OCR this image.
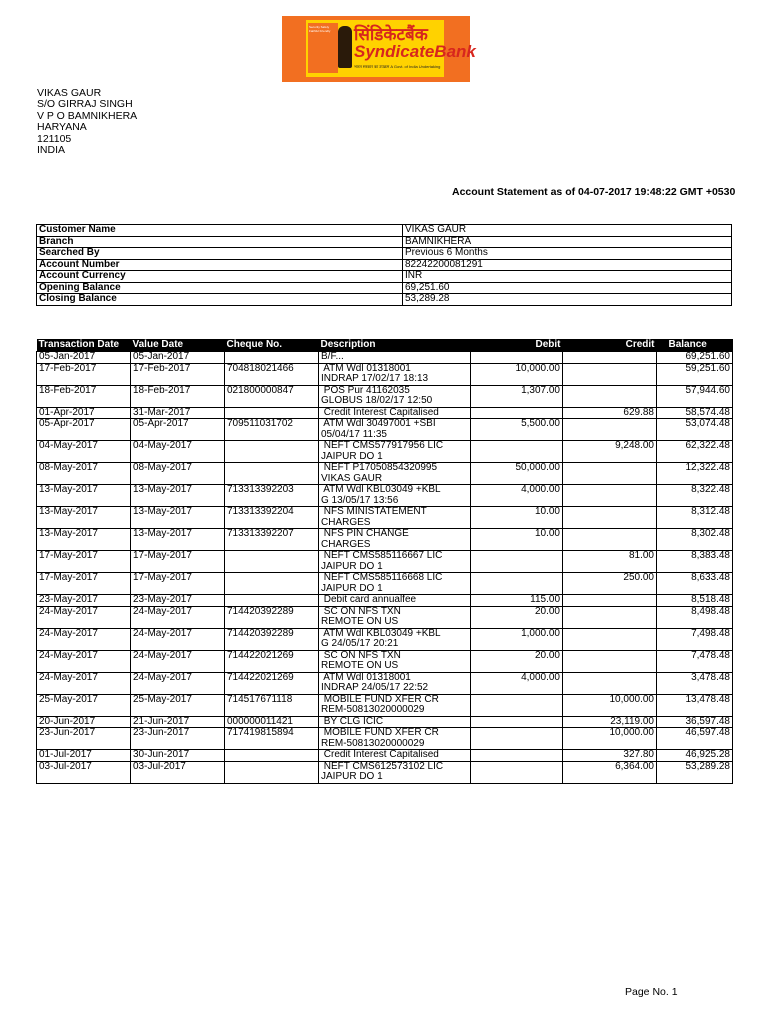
Security Safety Faithful Friendly	सिंडिकेटबैंक
SyndicateBank
भारत सरकार का उपक्रम A Govt. of India Undertaking
VIKAS GAUR
S/O GIRRAJ SINGH
V P O BAMNIKHERA
HARYANA
121105
INDIA
Account Statement as of 04-07-2017 19:48:22 GMT +0530
Customer Name	VIKAS GAUR
Branch	BAMNIKHERA
Searched By	Previous 6 Months
Account Number	82242200081291
Account Currency	INR
Opening Balance	69,251.60
Closing Balance	53,289.28
Transaction Date	Value Date	Cheque No.	Description	Debit	Credit	Balance
05-Jan-2017	05-Jan-2017		B/F...			69,251.60
17-Feb-2017	17-Feb-2017	704818021466	ATM Wdl 01318001
INDRAP 17/02/17 18:13	10,000.00		59,251.60
18-Feb-2017	18-Feb-2017	021800000847	POS Pur 41162035
GLOBUS 18/02/17 12:50	1,307.00		57,944.60
01-Apr-2017	31-Mar-2017		Credit Interest Capitalised		629.88	58,574.48
05-Apr-2017	05-Apr-2017	709511031702	ATM Wdl 30497001 +SBI
05/04/17 11:35	5,500.00		53,074.48
04-May-2017	04-May-2017		NEFT CMS577917956 LIC
JAIPUR DO 1		9,248.00	62,322.48
08-May-2017	08-May-2017		NEFT P17050854320995
VIKAS GAUR	50,000.00		12,322.48
13-May-2017	13-May-2017	713313392203	ATM Wdl KBL03049 +KBL
G 13/05/17 13:56	4,000.00		8,322.48
13-May-2017	13-May-2017	713313392204	NFS MINISTATEMENT
CHARGES	10.00		8,312.48
13-May-2017	13-May-2017	713313392207	NFS PIN CHANGE
CHARGES	10.00		8,302.48
17-May-2017	17-May-2017		NEFT CMS585116667 LIC
JAIPUR DO 1		81.00	8,383.48
17-May-2017	17-May-2017		NEFT CMS585116668 LIC
JAIPUR DO 1		250.00	8,633.48
23-May-2017	23-May-2017		Debit card annualfee	115.00		8,518.48
24-May-2017	24-May-2017	714420392289	SC ON NFS TXN
REMOTE ON US	20.00		8,498.48
24-May-2017	24-May-2017	714420392289	ATM Wdl KBL03049 +KBL
G 24/05/17 20:21	1,000.00		7,498.48
24-May-2017	24-May-2017	714422021269	SC ON NFS TXN
REMOTE ON US	20.00		7,478.48
24-May-2017	24-May-2017	714422021269	ATM Wdl 01318001
INDRAP 24/05/17 22:52	4,000.00		3,478.48
25-May-2017	25-May-2017	714517671118	MOBILE FUND XFER CR
REM-50813020000029		10,000.00	13,478.48
20-Jun-2017	21-Jun-2017	000000011421	BY CLG ICIC		23,119.00	36,597.48
23-Jun-2017	23-Jun-2017	717419815894	MOBILE FUND XFER CR
REM-50813020000029		10,000.00	46,597.48
01-Jul-2017	30-Jun-2017		Credit Interest Capitalised		327.80	46,925.28
03-Jul-2017	03-Jul-2017		NEFT CMS612573102 LIC
JAIPUR DO 1		6,364.00	53,289.28
Page No. 1
